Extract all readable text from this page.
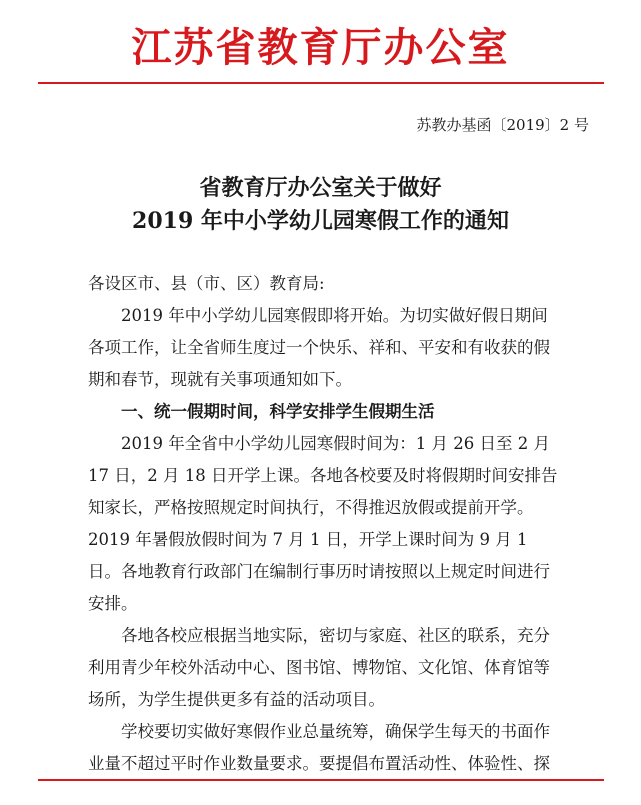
江苏省教育厅办公室
苏教办基函〔2019〕2 号
省教育厅办公室关于做好
2019 年中小学幼儿园寒假工作的通知

各设区市、县（市、区）教育局:

2019 年中小学幼儿园寒假即将开始。为切实做好假日期间各项工作，让全省师生度过一个快乐、祥和、平安和有收获的假期和春节，现就有关事项通知如下。

一、统一假期时间，科学安排学生假期生活

2019 年全省中小学幼儿园寒假时间为：1 月 26 日至 2 月 17 日，2 月 18 日开学上课。各地各校要及时将假期时间安排告知家长，严格按照规定时间执行，不得推迟放假或提前开学。2019 年暑假放假时间为 7 月 1 日，开学上课时间为 9 月 1 日。各地教育行政部门在编制行事历时请按照以上规定时间进行安排。

各地各校应根据当地实际，密切与家庭、社区的联系，充分利用青少年校外活动中心、图书馆、博物馆、文化馆、体育馆等场所，为学生提供更多有益的活动项目。

学校要切实做好寒假作业总量统筹，确保学生每天的书面作业量不超过平时作业数量要求。要提倡布置活动性、体验性、探
